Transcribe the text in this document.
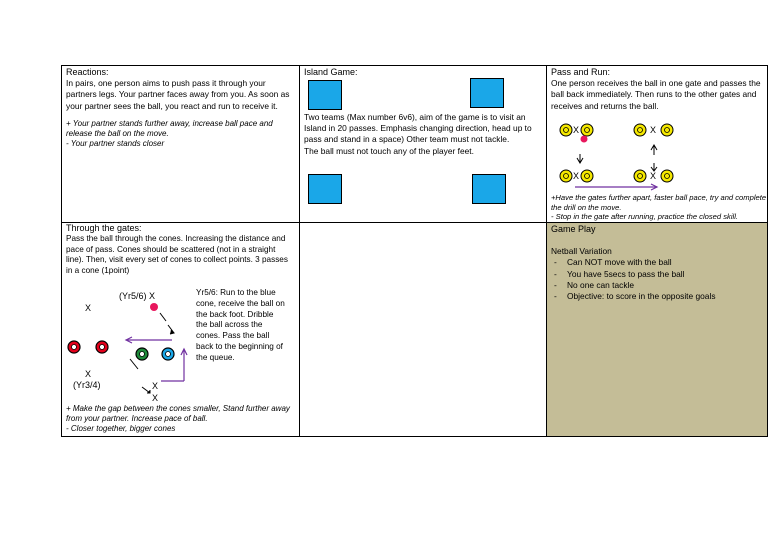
Reactions:
In pairs, one person aims to push pass it through your partners legs. Your partner faces away from you. As soon as your partner sees the ball, you react and run to receive it.
+ Your partner stands further away, increase ball pace and release the ball on the move.
- Your partner stands closer
Island Game:
Two teams (Max number 6v6), aim of the game is to visit an Island in 20 passes. Emphasis changing direction, head up to pass and stand in a space) Other team must not tackle.
The ball must not touch any of the player feet.
Pass and Run:
One person receives the ball in one gate and passes the ball back immediately. Then runs to the other gates and receives and returns the ball.
X	X
X	X
+Have the gates further apart, faster ball pace, try and complete the drill on the move.
- Stop in the gate after running, practice the closed skill.
Through the gates:
Pass the ball through the cones. Increasing the distance and pace of pass. Cones should be scattered (not in a straight line). Then, visit every set of cones to collect points. 3 passes in a cone (1point)
(Yr5/6) X
X
X
(Yr3/4)	X
X
Yr5/6: Run to the blue cone, receive the ball on the back foot. Dribble the ball across the cones. Pass the ball back to the beginning of the queue.
+ Make the gap between the cones smaller, Stand further away from your partner. Increase pace of ball.
- Closer together, bigger cones
Game Play
Netball Variation
- Can NOT move with the ball
- You have 5secs to pass the ball
- No one can tackle
- Objective: to score in the opposite goals
